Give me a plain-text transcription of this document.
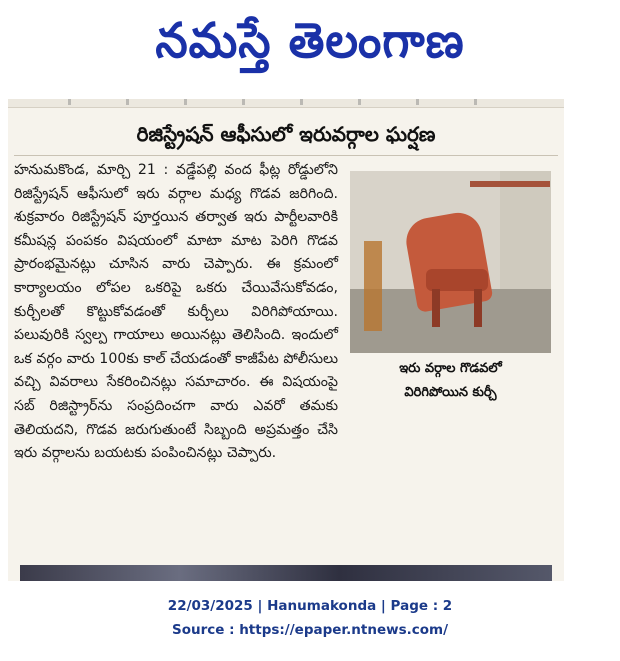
నమస్తే తెలంగాణ
రిజిస్ట్రేషన్ ఆఫీసులో ఇరువర్గాల ఘర్షణ
హనుమకొండ, మార్చి 21 : వడ్డేపల్లి వంద ఫీట్ల రోడ్డులోని రిజిస్ట్రేషన్ ఆఫీసులో ఇరు వర్గాల మధ్య గొడవ జరిగింది. శుక్రవారం రిజిస్ట్రేషన్ పూర్తయిన తర్వాత ఇరు పార్టీలవారికి కమీషన్ల పంపకం విషయంలో మాటా మాట పెరిగి గొడవ ప్రారంభమైనట్లు చూసిన వారు చెప్పారు. ఈ క్రమంలో కార్యాలయం లోపల ఒకరిపై ఒకరు చేయివేసుకోవడం, కుర్చీలతో కొట్టుకోవడంతో కుర్చీలు విరిగిపోయాయి. పలువురికి స్వల్ప గాయాలు అయినట్లు తెలిసింది. ఇందులో ఒక వర్గం వారు 100కు కాల్ చేయడంతో కాజీపేట పోలీసులు వచ్చి వివరాలు సేకరించినట్లు సమాచారం. ఈ విషయంపై సబ్ రిజిస్ట్రార్‌ను సంప్రదించగా వారు ఎవరో తమకు తెలియదని, గొడవ జరుగుతుంటే సిబ్బంది అప్రమత్తం చేసి ఇరు వర్గాలను బయటకు పంపించినట్లు చెప్పారు.
ఇరు వర్గాల గొడవలో
విరిగిపోయిన కుర్చీ
22/03/2025 | Hanumakonda | Page : 2
Source : https://epaper.ntnews.com/
